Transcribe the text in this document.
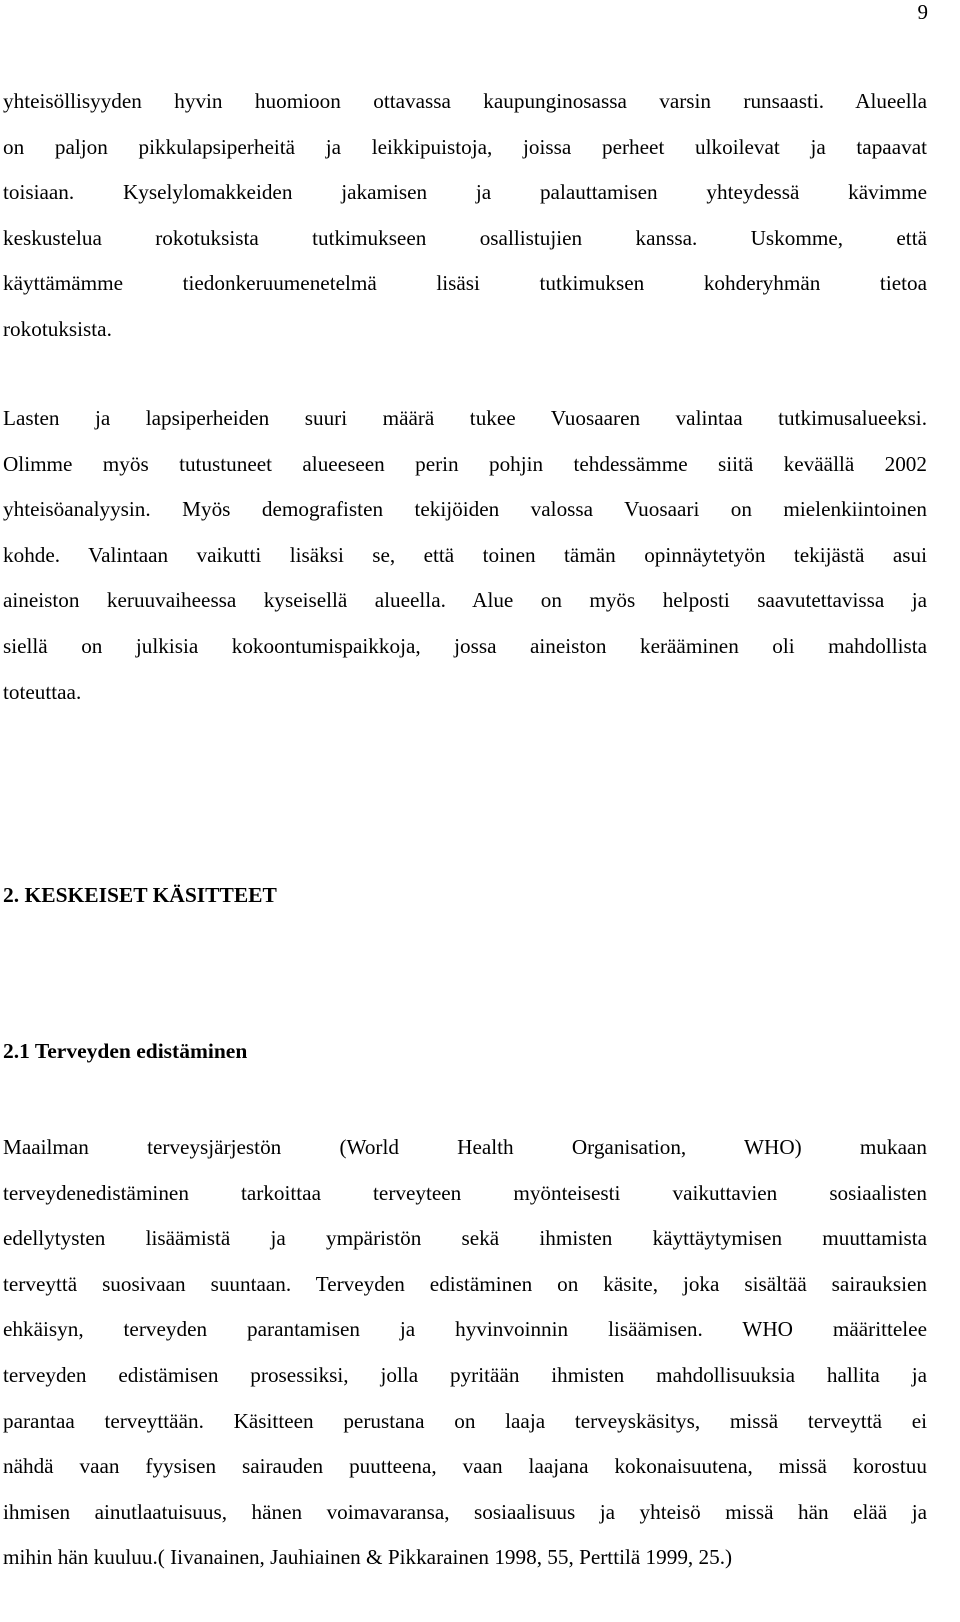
9
yhteisöllisyyden hyvin huomioon ottavassa kaupunginosassa varsin runsaasti. Alueella
on paljon pikkulapsiperheitä ja leikkipuistoja, joissa perheet ulkoilevat ja tapaavat
toisiaan. Kyselylomakkeiden jakamisen ja palauttamisen yhteydessä kävimme
keskustelua rokotuksista tutkimukseen osallistujien kanssa. Uskomme, että
käyttämämme tiedonkeruumenetelmä lisäsi tutkimuksen kohderyhmän tietoa
rokotuksista.
Lasten ja lapsiperheiden suuri määrä tukee Vuosaaren valintaa tutkimusalueeksi.
Olimme myös tutustuneet alueeseen perin pohjin tehdessämme siitä keväällä 2002
yhteisöanalyysin. Myös demografisten tekijöiden valossa Vuosaari on mielenkiintoinen
kohde. Valintaan vaikutti lisäksi se, että toinen tämän opinnäytetyön tekijästä asui
aineiston keruuvaiheessa kyseisellä alueella. Alue on myös helposti saavutettavissa ja
siellä on julkisia kokoontumispaikkoja, jossa aineiston kerääminen oli mahdollista
toteuttaa.
2. KESKEISET KÄSITTEET
2.1 Terveyden edistäminen
Maailman terveysjärjestön (World Health Organisation, WHO) mukaan
terveydenedistäminen tarkoittaa terveyteen myönteisesti vaikuttavien sosiaalisten
edellytysten lisäämistä ja ympäristön sekä ihmisten käyttäytymisen muuttamista
terveyttä suosivaan suuntaan. Terveyden edistäminen on käsite, joka sisältää sairauksien
ehkäisyn, terveyden parantamisen ja hyvinvoinnin lisäämisen. WHO määrittelee
terveyden edistämisen prosessiksi, jolla pyritään ihmisten mahdollisuuksia hallita ja
parantaa terveyttään. Käsitteen perustana on laaja terveyskäsitys, missä terveyttä ei
nähdä vaan fyysisen sairauden puutteena, vaan laajana kokonaisuutena, missä korostuu
ihmisen ainutlaatuisuus, hänen voimavaransa, sosiaalisuus ja yhteisö missä hän elää ja
mihin hän kuuluu.( Iivanainen, Jauhiainen & Pikkarainen 1998, 55, Perttilä 1999, 25.)
